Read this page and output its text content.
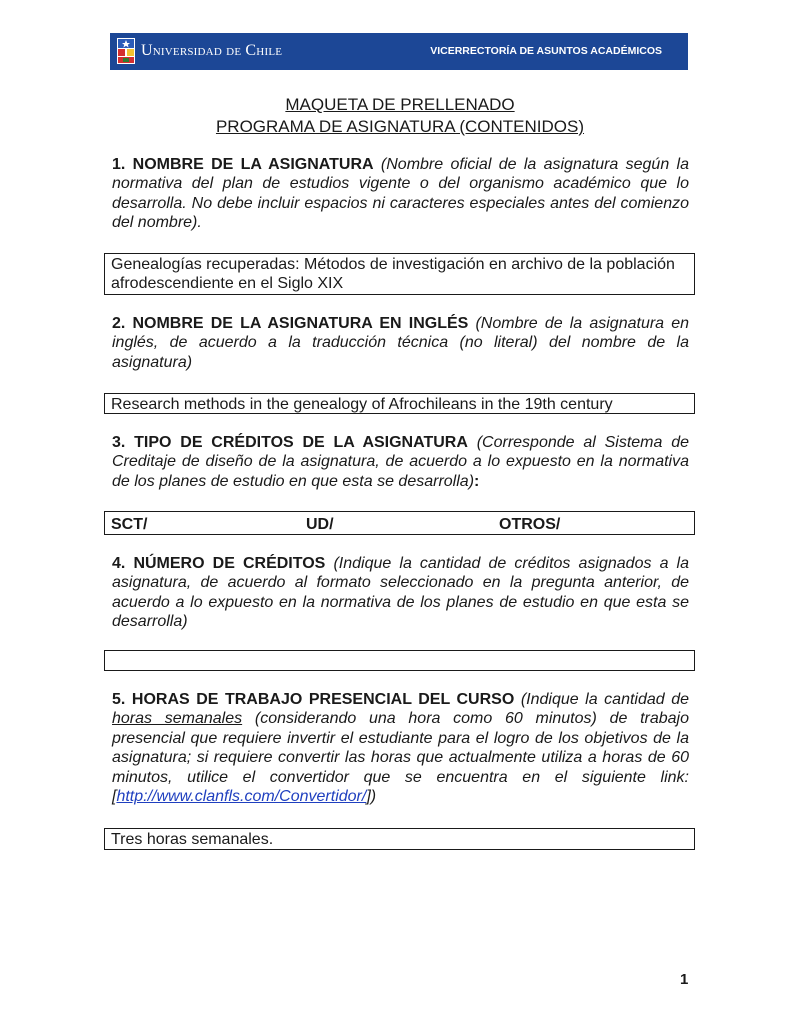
Universidad de Chile	VICERRECTORÍA DE ASUNTOS ACADÉMICOS
MAQUETA DE PRELLENADO
PROGRAMA DE ASIGNATURA (CONTENIDOS)
1. NOMBRE DE LA ASIGNATURA (Nombre oficial de la asignatura según la normativa del plan de estudios vigente o del organismo académico que lo desarrolla. No debe incluir espacios ni caracteres especiales antes del comienzo del nombre).
Genealogías recuperadas: Métodos de investigación en archivo de la población afrodescendiente en el Siglo XIX
2. NOMBRE DE LA ASIGNATURA EN INGLÉS (Nombre de la asignatura en inglés, de acuerdo a la traducción técnica (no literal) del nombre de la asignatura)
Research methods in the genealogy of Afrochileans in the 19th century
3. TIPO DE CRÉDITOS DE LA ASIGNATURA (Corresponde al Sistema de Creditaje de diseño de la asignatura, de acuerdo a lo expuesto en la normativa de los planes de estudio en que esta se desarrolla):
SCT/	UD/	OTROS/
4. NÚMERO DE CRÉDITOS (Indique la cantidad de créditos asignados a la asignatura, de acuerdo al formato seleccionado en la pregunta anterior, de acuerdo a lo expuesto en la normativa de los planes de estudio en que esta se desarrolla)
5. HORAS DE TRABAJO PRESENCIAL DEL CURSO (Indique la cantidad de horas semanales (considerando una hora como 60 minutos) de trabajo presencial que requiere invertir el estudiante para el logro de los objetivos de la asignatura; si requiere convertir las horas que actualmente utiliza a horas de 60 minutos, utilice el convertidor que se encuentra en el siguiente link: [http://www.clanfls.com/Convertidor/])
Tres horas semanales.
1
